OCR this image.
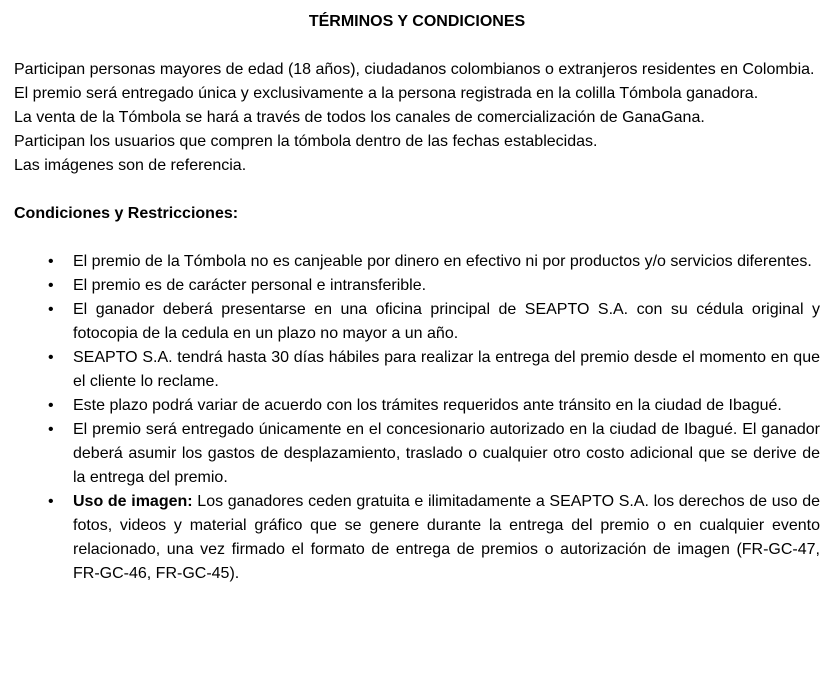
TÉRMINOS Y CONDICIONES

Participan personas mayores de edad (18 años), ciudadanos colombianos o extranjeros residentes en Colombia.

El premio será entregado única y exclusivamente a la persona registrada en la colilla Tómbola ganadora.

La venta de la Tómbola se hará a través de todos los canales de comercialización de GanaGana.

Participan los usuarios que compren la tómbola dentro de las fechas establecidas.

Las imágenes son de referencia.

Condiciones y Restricciones:
• El premio de la Tómbola no es canjeable por dinero en efectivo ni por productos y/o servicios diferentes.
• El premio es de carácter personal e intransferible.
• El ganador deberá presentarse en una oficina principal de SEAPTO S.A. con su cédula original y fotocopia de la cedula en un plazo no mayor a un año.
• SEAPTO S.A. tendrá hasta 30 días hábiles para realizar la entrega del premio desde el momento en que el cliente lo reclame.
• Este plazo podrá variar de acuerdo con los trámites requeridos ante tránsito en la ciudad de Ibagué.
• El premio será entregado únicamente en el concesionario autorizado en la ciudad de Ibagué. El ganador deberá asumir los gastos de desplazamiento, traslado o cualquier otro costo adicional que se derive de la entrega del premio.
• Uso de imagen: Los ganadores ceden gratuita e ilimitadamente a SEAPTO S.A. los derechos de uso de fotos, videos y material gráfico que se genere durante la entrega del premio o en cualquier evento relacionado, una vez firmado el formato de entrega de premios o autorización de imagen (FR-GC-47, FR-GC-46, FR-GC-45).
